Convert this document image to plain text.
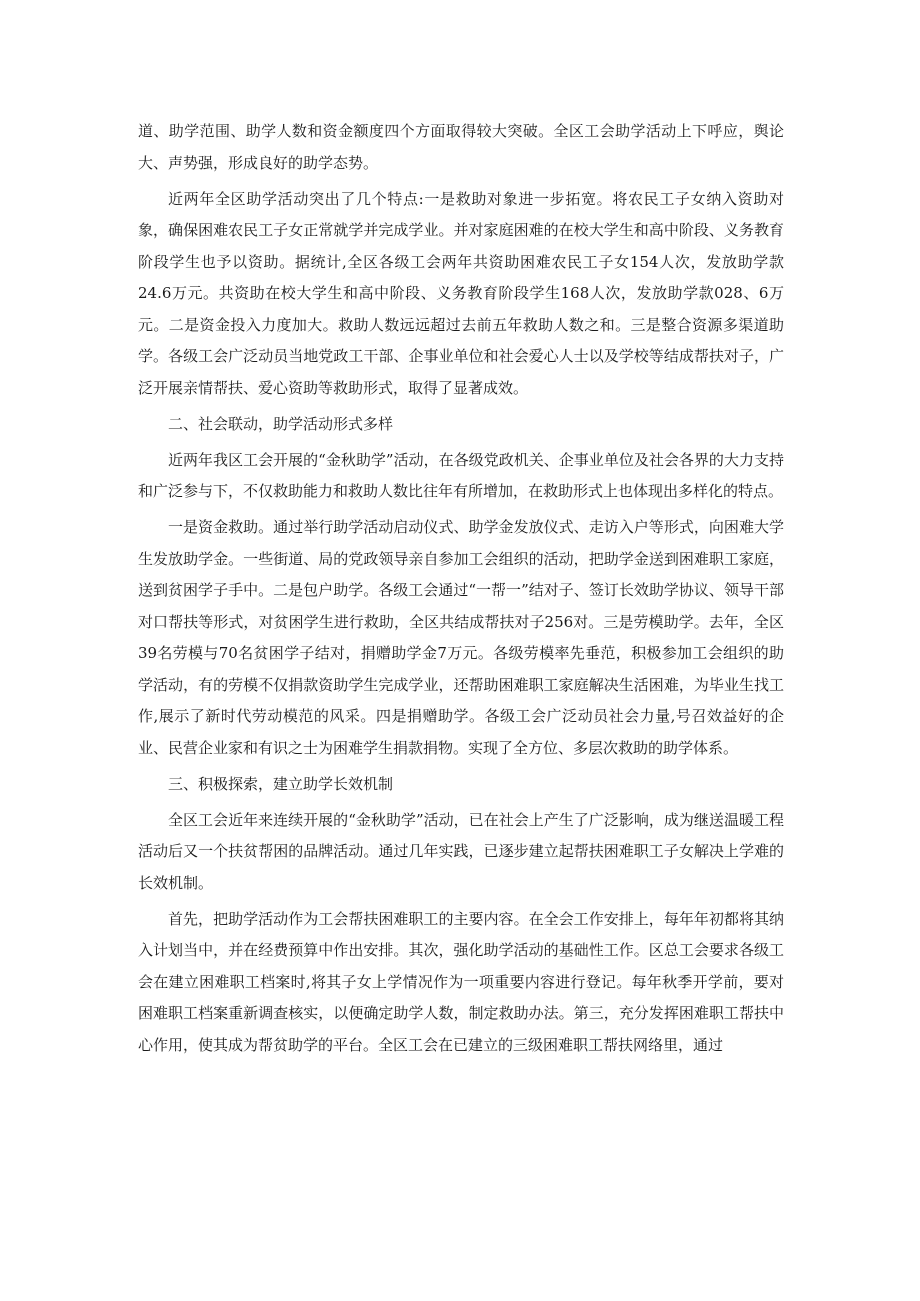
道、助学范围、助学人数和资金额度四个方面取得较大突破。全区工会助学活动上下呼应，舆论大、声势强，形成良好的助学态势。

近两年全区助学活动突出了几个特点:一是救助对象进一步拓宽。将农民工子女纳入资助对象，确保困难农民工子女正常就学并完成学业。并对家庭困难的在校大学生和高中阶段、义务教育阶段学生也予以资助。据统计,全区各级工会两年共资助困难农民工子女154人次，发放助学款24.6万元。共资助在校大学生和高中阶段、义务教育阶段学生168人次，发放助学款028、6万元。二是资金投入力度加大。救助人数远远超过去前五年救助人数之和。三是整合资源多渠道助学。各级工会广泛动员当地党政工干部、企事业单位和社会爱心人士以及学校等结成帮扶对子，广泛开展亲情帮扶、爱心资助等救助形式，取得了显著成效。

二、社会联动，助学活动形式多样

近两年我区工会开展的“金秋助学”活动，在各级党政机关、企事业单位及社会各界的大力支持和广泛参与下，不仅救助能力和救助人数比往年有所增加，在救助形式上也体现出多样化的特点。

一是资金救助。通过举行助学活动启动仪式、助学金发放仪式、走访入户等形式，向困难大学生发放助学金。一些街道、局的党政领导亲自参加工会组织的活动，把助学金送到困难职工家庭，送到贫困学子手中。二是包户助学。各级工会通过“一帮一”结对子、签订长效助学协议、领导干部对口帮扶等形式，对贫困学生进行救助，全区共结成帮扶对子256对。三是劳模助学。去年，全区39名劳模与70名贫困学子结对，捐赠助学金7万元。各级劳模率先垂范，积极参加工会组织的助学活动，有的劳模不仅捐款资助学生完成学业，还帮助困难职工家庭解决生活困难，为毕业生找工作,展示了新时代劳动模范的风采。四是捐赠助学。各级工会广泛动员社会力量,号召效益好的企业、民营企业家和有识之士为困难学生捐款捐物。实现了全方位、多层次救助的助学体系。

三、积极探索，建立助学长效机制

全区工会近年来连续开展的“金秋助学”活动，已在社会上产生了广泛影响，成为继送温暖工程活动后又一个扶贫帮困的品牌活动。通过几年实践，已逐步建立起帮扶困难职工子女解决上学难的长效机制。

首先，把助学活动作为工会帮扶困难职工的主要内容。在全会工作安排上，每年年初都将其纳入计划当中，并在经费预算中作出安排。其次，强化助学活动的基础性工作。区总工会要求各级工会在建立困难职工档案时,将其子女上学情况作为一项重要内容进行登记。每年秋季开学前，要对困难职工档案重新调查核实，以便确定助学人数，制定救助办法。第三，充分发挥困难职工帮扶中心作用，使其成为帮贫助学的平台。全区工会在已建立的三级困难职工帮扶网络里，通过
